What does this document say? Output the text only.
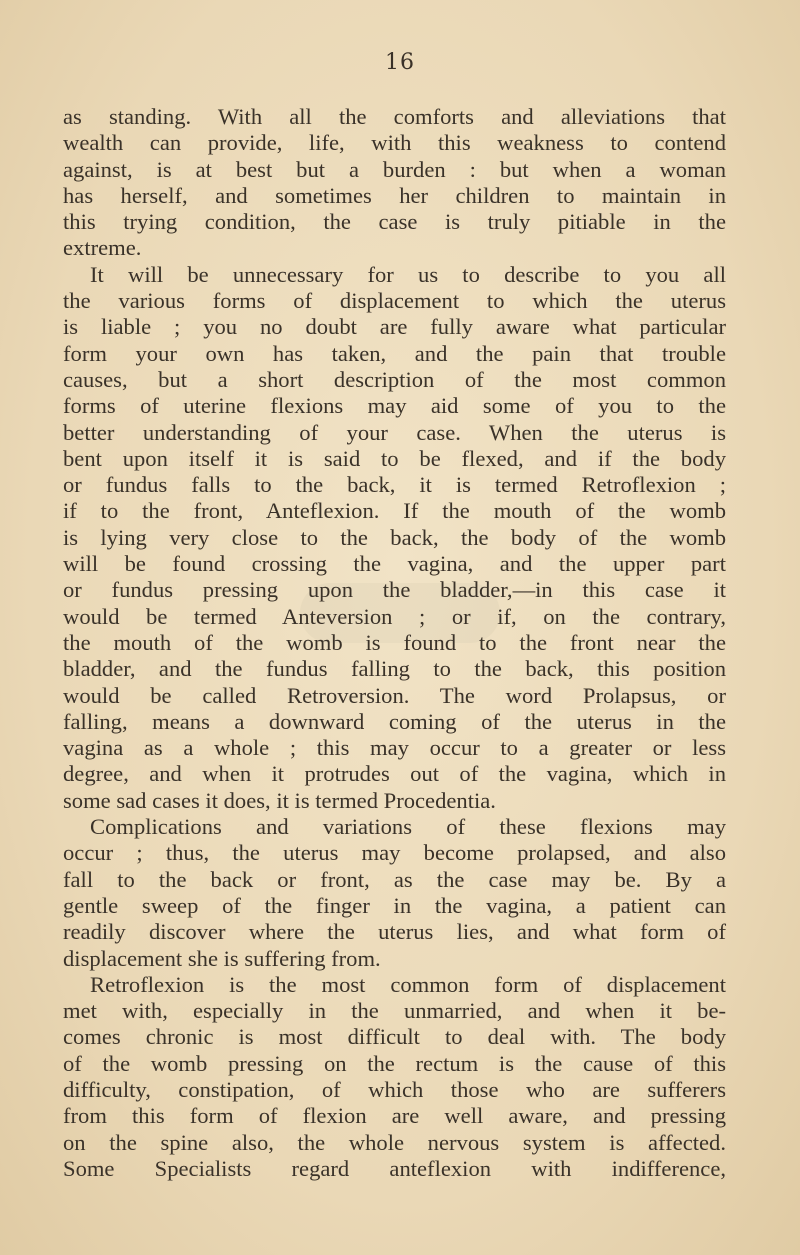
16

as standing. With all the comforts and alleviations that

wealth can provide, life, with this weakness to contend

against, is at best but a burden : but when a woman

has herself, and sometimes her children to maintain in

this trying condition, the case is truly pitiable in the

extreme.

It will be unnecessary for us to describe to you all

the various forms of displacement to which the uterus

is liable ; you no doubt are fully aware what particular

form your own has taken, and the pain that trouble

causes, but a short description of the most common

forms of uterine flexions may aid some of you to the

better understanding of your case. When the uterus is

bent upon itself it is said to be flexed, and if the body

or fundus falls to the back, it is termed Retroflexion ;

if to the front, Anteflexion. If the mouth of the womb

is lying very close to the back, the body of the womb

will be found crossing the vagina, and the upper part

or fundus pressing upon the bladder,—in this case it

would be termed Anteversion ; or if, on the contrary,

the mouth of the womb is found to the front near the

bladder, and the fundus falling to the back, this position

would be called Retroversion. The word Prolapsus, or

falling, means a downward coming of the uterus in the

vagina as a whole ; this may occur to a greater or less

degree, and when it protrudes out of the vagina, which in

some sad cases it does, it is termed Procedentia.

Complications and variations of these flexions may

occur ; thus, the uterus may become prolapsed, and also

fall to the back or front, as the case may be. By a

gentle sweep of the finger in the vagina, a patient can

readily discover where the uterus lies, and what form of

displacement she is suffering from.

Retroflexion is the most common form of displacement

met with, especially in the unmarried, and when it be-

comes chronic is most difficult to deal with. The body

of the womb pressing on the rectum is the cause of this

difficulty, constipation, of which those who are sufferers

from this form of flexion are well aware, and pressing

on the spine also, the whole nervous system is affected.

Some Specialists regard anteflexion with indifference,
